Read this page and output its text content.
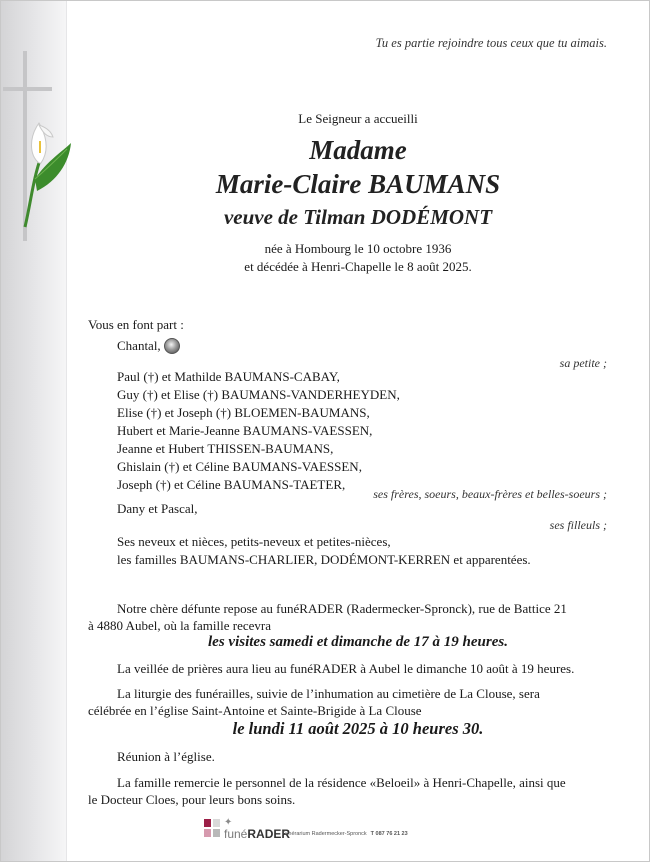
Tu es partie rejoindre tous ceux que tu aimais.
Le Seigneur a accueilli
Madame
Marie-Claire BAUMANS
veuve de Tilman DODÉMONT
née à Hombourg le 10 octobre 1936
et décédée à Henri-Chapelle le 8 août 2025.
Vous en font part :
Chantal,
sa petite ;
Paul (†) et Mathilde BAUMANS-CABAY,
Guy (†) et Elise (†) BAUMANS-VANDERHEYDEN,
Elise (†) et Joseph (†) BLOEMEN-BAUMANS,
Hubert et Marie-Jeanne BAUMANS-VAESSEN,
Jeanne et Hubert THISSEN-BAUMANS,
Ghislain (†) et Céline BAUMANS-VAESSEN,
Joseph (†) et Céline BAUMANS-TAETER,
ses frères, soeurs, beaux-frères et belles-soeurs ;
Dany et Pascal,
ses filleuls ;
Ses neveux et nièces, petits-neveux et petites-nièces,
les familles BAUMANS-CHARLIER, DODÉMONT-KERREN et apparentées.
Notre chère défunte repose au funéRADER (Radermecker-Spronck), rue de Battice 21
à 4880 Aubel, où la famille recevra
les visites samedi et dimanche de 17 à 19 heures.
La veillée de prières aura lieu au funéRADER à Aubel le dimanche 10 août à 19 heures.
La liturgie des funérailles, suivie de l’inhumation au cimetière de La Clouse, sera
célébrée en l’église Saint-Antoine et Sainte-Brigide à La Clouse
le lundi 11 août 2025 à 10 heures 30.
Réunion à l’église.
La famille remercie le personnel de la résidence «Beloeil» à Henri-Chapelle, ainsi que
le Docteur Cloes, pour leurs bons soins.
✦
funéRADER
Funérarium Radermecker-Spronck T 087 76 21 23
